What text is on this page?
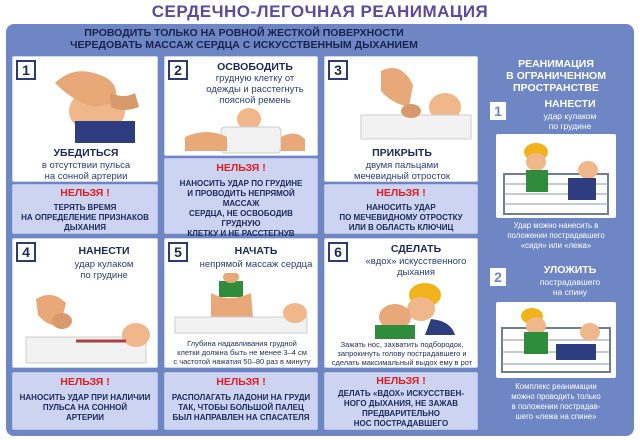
СЕРДЕЧНО-ЛЕГОЧНАЯ РЕАНИМАЦИЯ
ПРОВОДИТЬ ТОЛЬКО НА РОВНОЙ ЖЕСТКОЙ ПОВЕРХНОСТИ
ЧЕРЕДОВАТЬ МАССАЖ СЕРДЦА С ИСКУССТВЕННЫМ ДЫХАНИЕМ
1
УБЕДИТЬСЯ
в отсутствии пульса
на сонной артерии
2	ОСВОБОДИТЬ
грудную клетку от
одежды и расстегнуть
поясной ремень
3
ПРИКРЫТЬ
двумя пальцами
мечевидный отросток
НЕЛЬЗЯ !
ТЕРЯТЬ ВРЕМЯ
НА ОПРЕДЕЛЕНИЕ ПРИЗНАКОВ
ДЫХАНИЯ
НЕЛЬЗЯ !
НАНОСИТЬ УДАР ПО ГРУДИНЕ
И ПРОВОДИТЬ НЕПРЯМОЙ МАССАЖ
СЕРДЦА, НЕ ОСВОБОДИВ ГРУДНУЮ
КЛЕТКУ И НЕ РАССТЕГНУВ
НЕЛЬЗЯ !
НАНОСИТЬ УДАР
ПО МЕЧЕВИДНОМУ ОТРОСТКУ
ИЛИ В ОБЛАСТЬ КЛЮЧИЦ
4	НАНЕСТИ
удар кулаком
по грудине
5	НАЧАТЬ
непрямой массаж сердца
Глубина надавливания грудной
клетки должна быть не менее 3–4 см
с частотой нажатия 50–80 раз в минуту
6	СДЕЛАТЬ
«вдох» искусственного
дыхания
Зажать нос, захватить подбородок,
запрокинуть голову пострадавшего и
сделать максимальный выдох ему в рот
НЕЛЬЗЯ !
НАНОСИТЬ УДАР ПРИ НАЛИЧИИ
ПУЛЬСА НА СОННОЙ
АРТЕРИИ
НЕЛЬЗЯ !
РАСПОЛАГАТЬ ЛАДОНИ НА ГРУДИ
ТАК, ЧТОБЫ БОЛЬШОЙ ПАЛЕЦ
БЫЛ НАПРАВЛЕН НА СПАСАТЕЛЯ
НЕЛЬЗЯ !
ДЕЛАТЬ «ВДОХ» ИСКУССТВЕН-
НОГО ДЫХАНИЯ, НЕ ЗАЖАВ
ПРЕДВАРИТЕЛЬНО
НОС ПОСТРАДАВШЕГО
РЕАНИМАЦИЯ
В ОГРАНИЧЕННОМ
ПРОСТРАНСТВЕ
1	НАНЕСТИ
удар кулаком
по грудине
Удар можно нанесить в
положении пострадавшего
«сидя» или «лежа»
2	УЛОЖИТЬ
пострадавшего
на спину
Комплекс реанимации
можно проводить только
в положении пострадав-
шего «лежа на спине»
